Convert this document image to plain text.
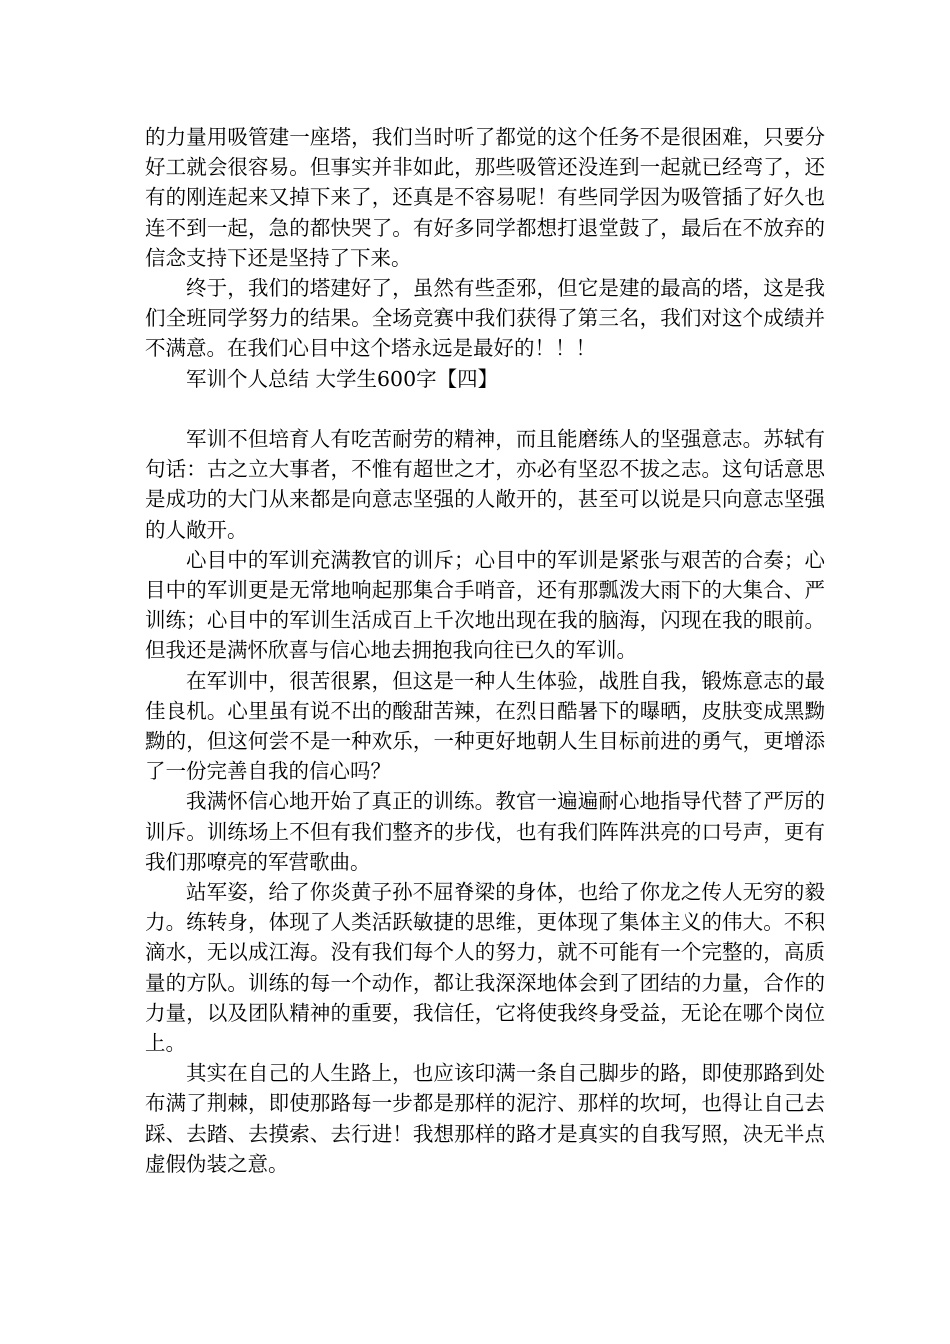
的力量用吸管建一座塔，我们当时听了都觉的这个任务不是很困难，只要分好工就会很容易。但事实并非如此，那些吸管还没连到一起就已经弯了，还有的刚连起来又掉下来了，还真是不容易呢！有些同学因为吸管插了好久也连不到一起，急的都快哭了。有好多同学都想打退堂鼓了，最后在不放弃的信念支持下还是坚持了下来。

终于，我们的塔建好了，虽然有些歪邪，但它是建的最高的塔，这是我们全班同学努力的结果。全场竞赛中我们获得了第三名，我们对这个成绩并不满意。在我们心目中这个塔永远是最好的！！！

军训个人总结 大学生600字【四】

军训不但培育人有吃苦耐劳的精神，而且能磨练人的坚强意志。苏轼有句话：古之立大事者，不惟有超世之才，亦必有坚忍不拔之志。这句话意思是成功的大门从来都是向意志坚强的人敞开的，甚至可以说是只向意志坚强的人敞开。

心目中的军训充满教官的训斥；心目中的军训是紧张与艰苦的合奏；心目中的军训更是无常地响起那集合手哨音，还有那瓢泼大雨下的大集合、严训练；心目中的军训生活成百上千次地出现在我的脑海，闪现在我的眼前。但我还是满怀欣喜与信心地去拥抱我向往已久的军训。

在军训中，很苦很累，但这是一种人生体验，战胜自我，锻炼意志的最佳良机。心里虽有说不出的酸甜苦辣，在烈日酷暑下的曝晒，皮肤变成黑黝黝的，但这何尝不是一种欢乐，一种更好地朝人生目标前进的勇气，更增添了一份完善自我的信心吗？

我满怀信心地开始了真正的训练。教官一遍遍耐心地指导代替了严厉的训斥。训练场上不但有我们整齐的步伐，也有我们阵阵洪亮的口号声，更有我们那嘹亮的军营歌曲。

站军姿，给了你炎黄子孙不屈脊梁的身体，也给了你龙之传人无穷的毅力。练转身，体现了人类活跃敏捷的思维，更体现了集体主义的伟大。不积滴水，无以成江海。没有我们每个人的努力，就不可能有一个完整的，高质量的方队。训练的每一个动作，都让我深深地体会到了团结的力量，合作的力量，以及团队精神的重要，我信任，它将使我终身受益，无论在哪个岗位上。

其实在自己的人生路上，也应该印满一条自己脚步的路，即使那路到处布满了荆棘，即使那路每一步都是那样的泥泞、那样的坎坷，也得让自己去踩、去踏、去摸索、去行进！我想那样的路才是真实的自我写照，决无半点虚假伪装之意。
